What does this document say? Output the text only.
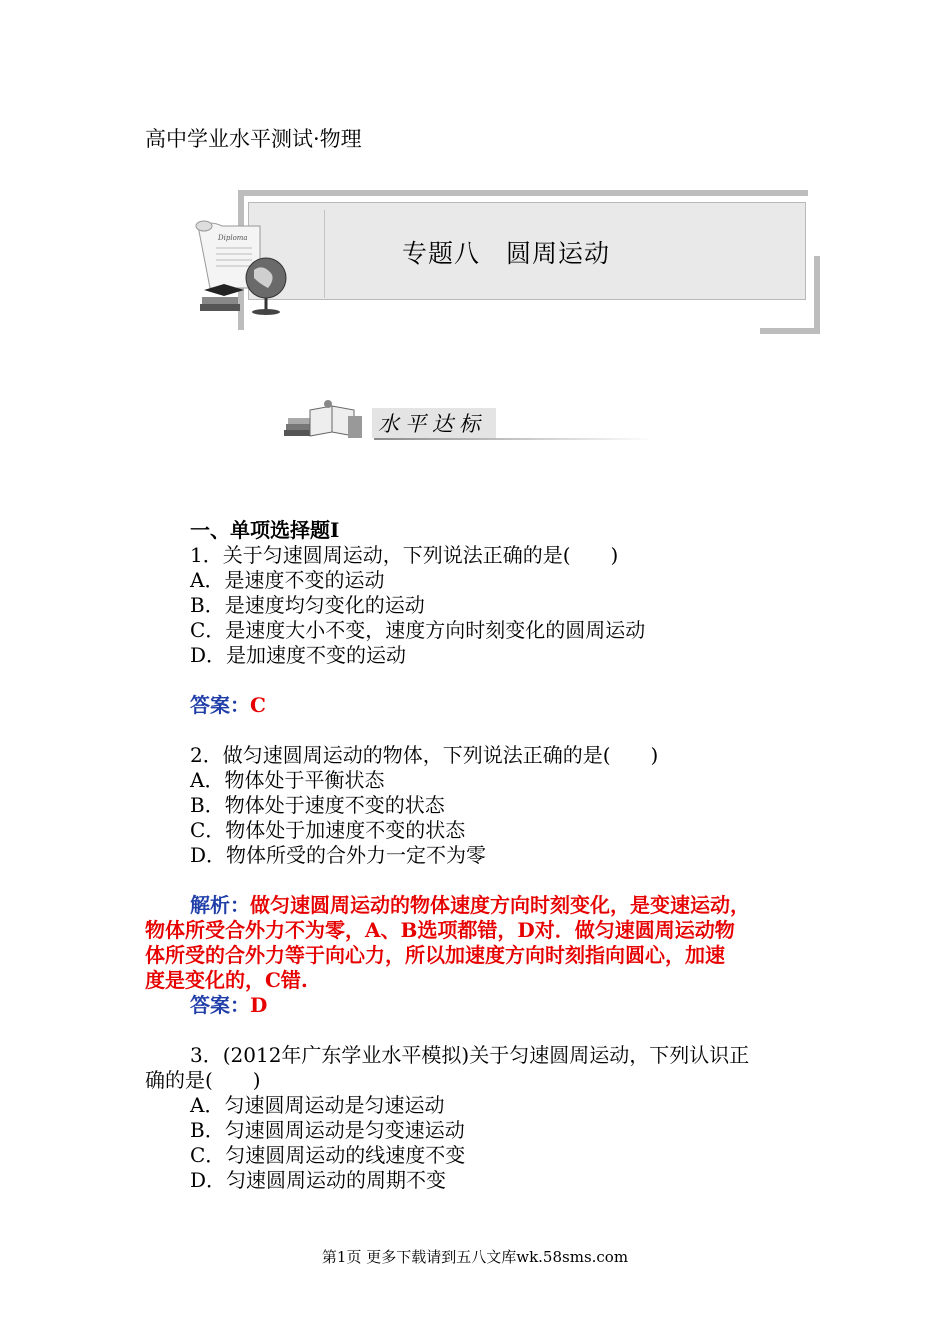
高中学业水平测试·物理
Diploma
专题八　圆周运动
水平达标
一、单项选择题Ⅰ
1．关于匀速圆周运动，下列说法正确的是(　　)
A．是速度不变的运动
B．是速度均匀变化的运动
C．是速度大小不变，速度方向时刻变化的圆周运动
D．是加速度不变的运动
答案：C
2．做匀速圆周运动的物体，下列说法正确的是(　　)
A．物体处于平衡状态
B．物体处于速度不变的状态
C．物体处于加速度不变的状态
D．物体所受的合外力一定不为零
解析：做匀速圆周运动的物体速度方向时刻变化，是变速运动，
物体所受合外力不为零，A、B选项都错，D对．做匀速圆周运动物
体所受的合外力等于向心力，所以加速度方向时刻指向圆心，加速
度是变化的，C错.
答案：D
3．(2012年广东学业水平模拟)关于匀速圆周运动，下列认识正
确的是(　　)
A．匀速圆周运动是匀速运动
B．匀速圆周运动是匀变速运动
C．匀速圆周运动的线速度不变
D．匀速圆周运动的周期不变
第1页 更多下载请到五八文库wk.58sms.com
